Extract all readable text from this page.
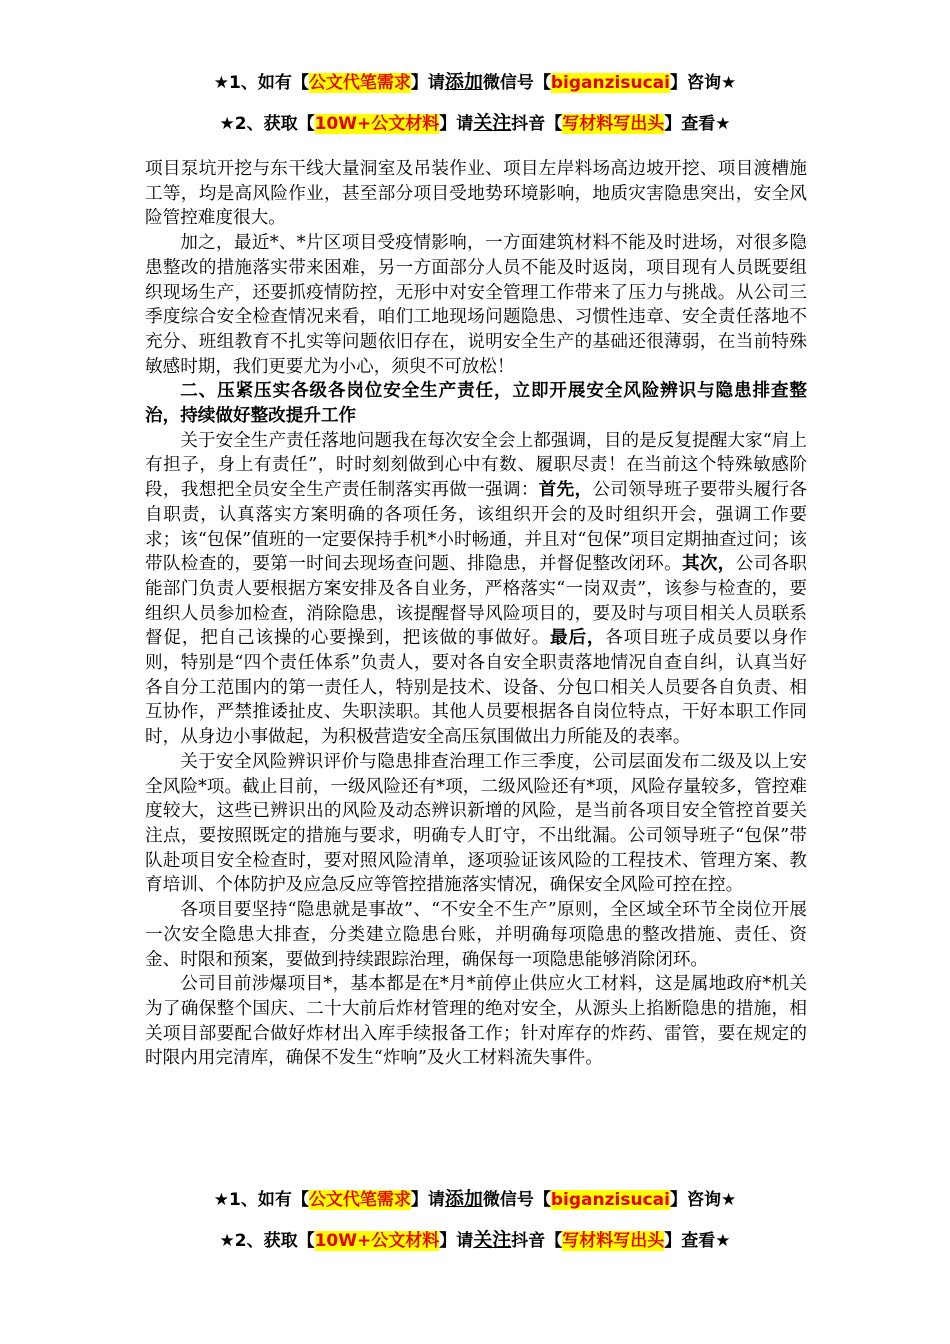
★1、如有【公文代笔需求】请添加微信号【biganzisucai】咨询★
★2、获取【10W+公文材料】请关注抖音【写材料写出头】查看★

项目泵坑开挖与东干线大量洞室及吊装作业、项目左岸料场高边坡开挖、项目渡槽施工等，均是高风险作业，甚至部分项目受地势环境影响，地质灾害隐患突出，安全风险管控难度很大。

加之，最近*、*片区项目受疫情影响，一方面建筑材料不能及时进场，对很多隐患整改的措施落实带来困难，另一方面部分人员不能及时返岗，项目现有人员既要组织现场生产，还要抓疫情防控，无形中对安全管理工作带来了压力与挑战。从公司三季度综合安全检查情况来看，咱们工地现场问题隐患、习惯性违章、安全责任落地不充分、班组教育不扎实等问题依旧存在，说明安全生产的基础还很薄弱，在当前特殊敏感时期，我们更要尤为小心，须臾不可放松！

二、压紧压实各级各岗位安全生产责任，立即开展安全风险辨识与隐患排查整治，持续做好整改提升工作

关于安全生产责任落地问题我在每次安全会上都强调，目的是反复提醒大家“肩上有担子，身上有责任”，时时刻刻做到心中有数、履职尽责！在当前这个特殊敏感阶段，我想把全员安全生产责任制落实再做一强调：首先，公司领导班子要带头履行各自职责，认真落实方案明确的各项任务，该组织开会的及时组织开会，强调工作要求；该“包保”值班的一定要保持手机*小时畅通，并且对“包保”项目定期抽查过问；该带队检查的，要第一时间去现场查问题、排隐患，并督促整改闭环。其次，公司各职能部门负责人要根据方案安排及各自业务，严格落实“一岗双责”，该参与检查的，要组织人员参加检查，消除隐患，该提醒督导风险项目的，要及时与项目相关人员联系督促，把自己该操的心要操到，把该做的事做好。最后，各项目班子成员要以身作则，特别是“四个责任体系”负责人，要对各自安全职责落地情况自查自纠，认真当好各自分工范围内的第一责任人，特别是技术、设备、分包口相关人员要各自负责、相互协作，严禁推诿扯皮、失职渎职。其他人员要根据各自岗位特点，干好本职工作同时，从身边小事做起，为积极营造安全高压氛围做出力所能及的表率。

关于安全风险辨识评价与隐患排查治理工作三季度，公司层面发布二级及以上安全风险*项。截止目前，一级风险还有*项，二级风险还有*项，风险存量较多，管控难度较大，这些已辨识出的风险及动态辨识新增的风险，是当前各项目安全管控首要关注点，要按照既定的措施与要求，明确专人盯守，不出纰漏。公司领导班子“包保”带队赴项目安全检查时，要对照风险清单，逐项验证该风险的工程技术、管理方案、教育培训、个体防护及应急反应等管控措施落实情况，确保安全风险可控在控。

各项目要坚持“隐患就是事故”、“不安全不生产”原则，全区域全环节全岗位开展一次安全隐患大排查，分类建立隐患台账，并明确每项隐患的整改措施、责任、资金、时限和预案，要做到持续跟踪治理，确保每一项隐患能够消除闭环。

公司目前涉爆项目*，基本都是在*月*前停止供应火工材料，这是属地政府*机关为了确保整个国庆、二十大前后炸材管理的绝对安全，从源头上掐断隐患的措施，相关项目部要配合做好炸材出入库手续报备工作；针对库存的炸药、雷管，要在规定的时限内用完清库，确保不发生“炸响”及火工材料流失事件。

★1、如有【公文代笔需求】请添加微信号【biganzisucai】咨询★
★2、获取【10W+公文材料】请关注抖音【写材料写出头】查看★
